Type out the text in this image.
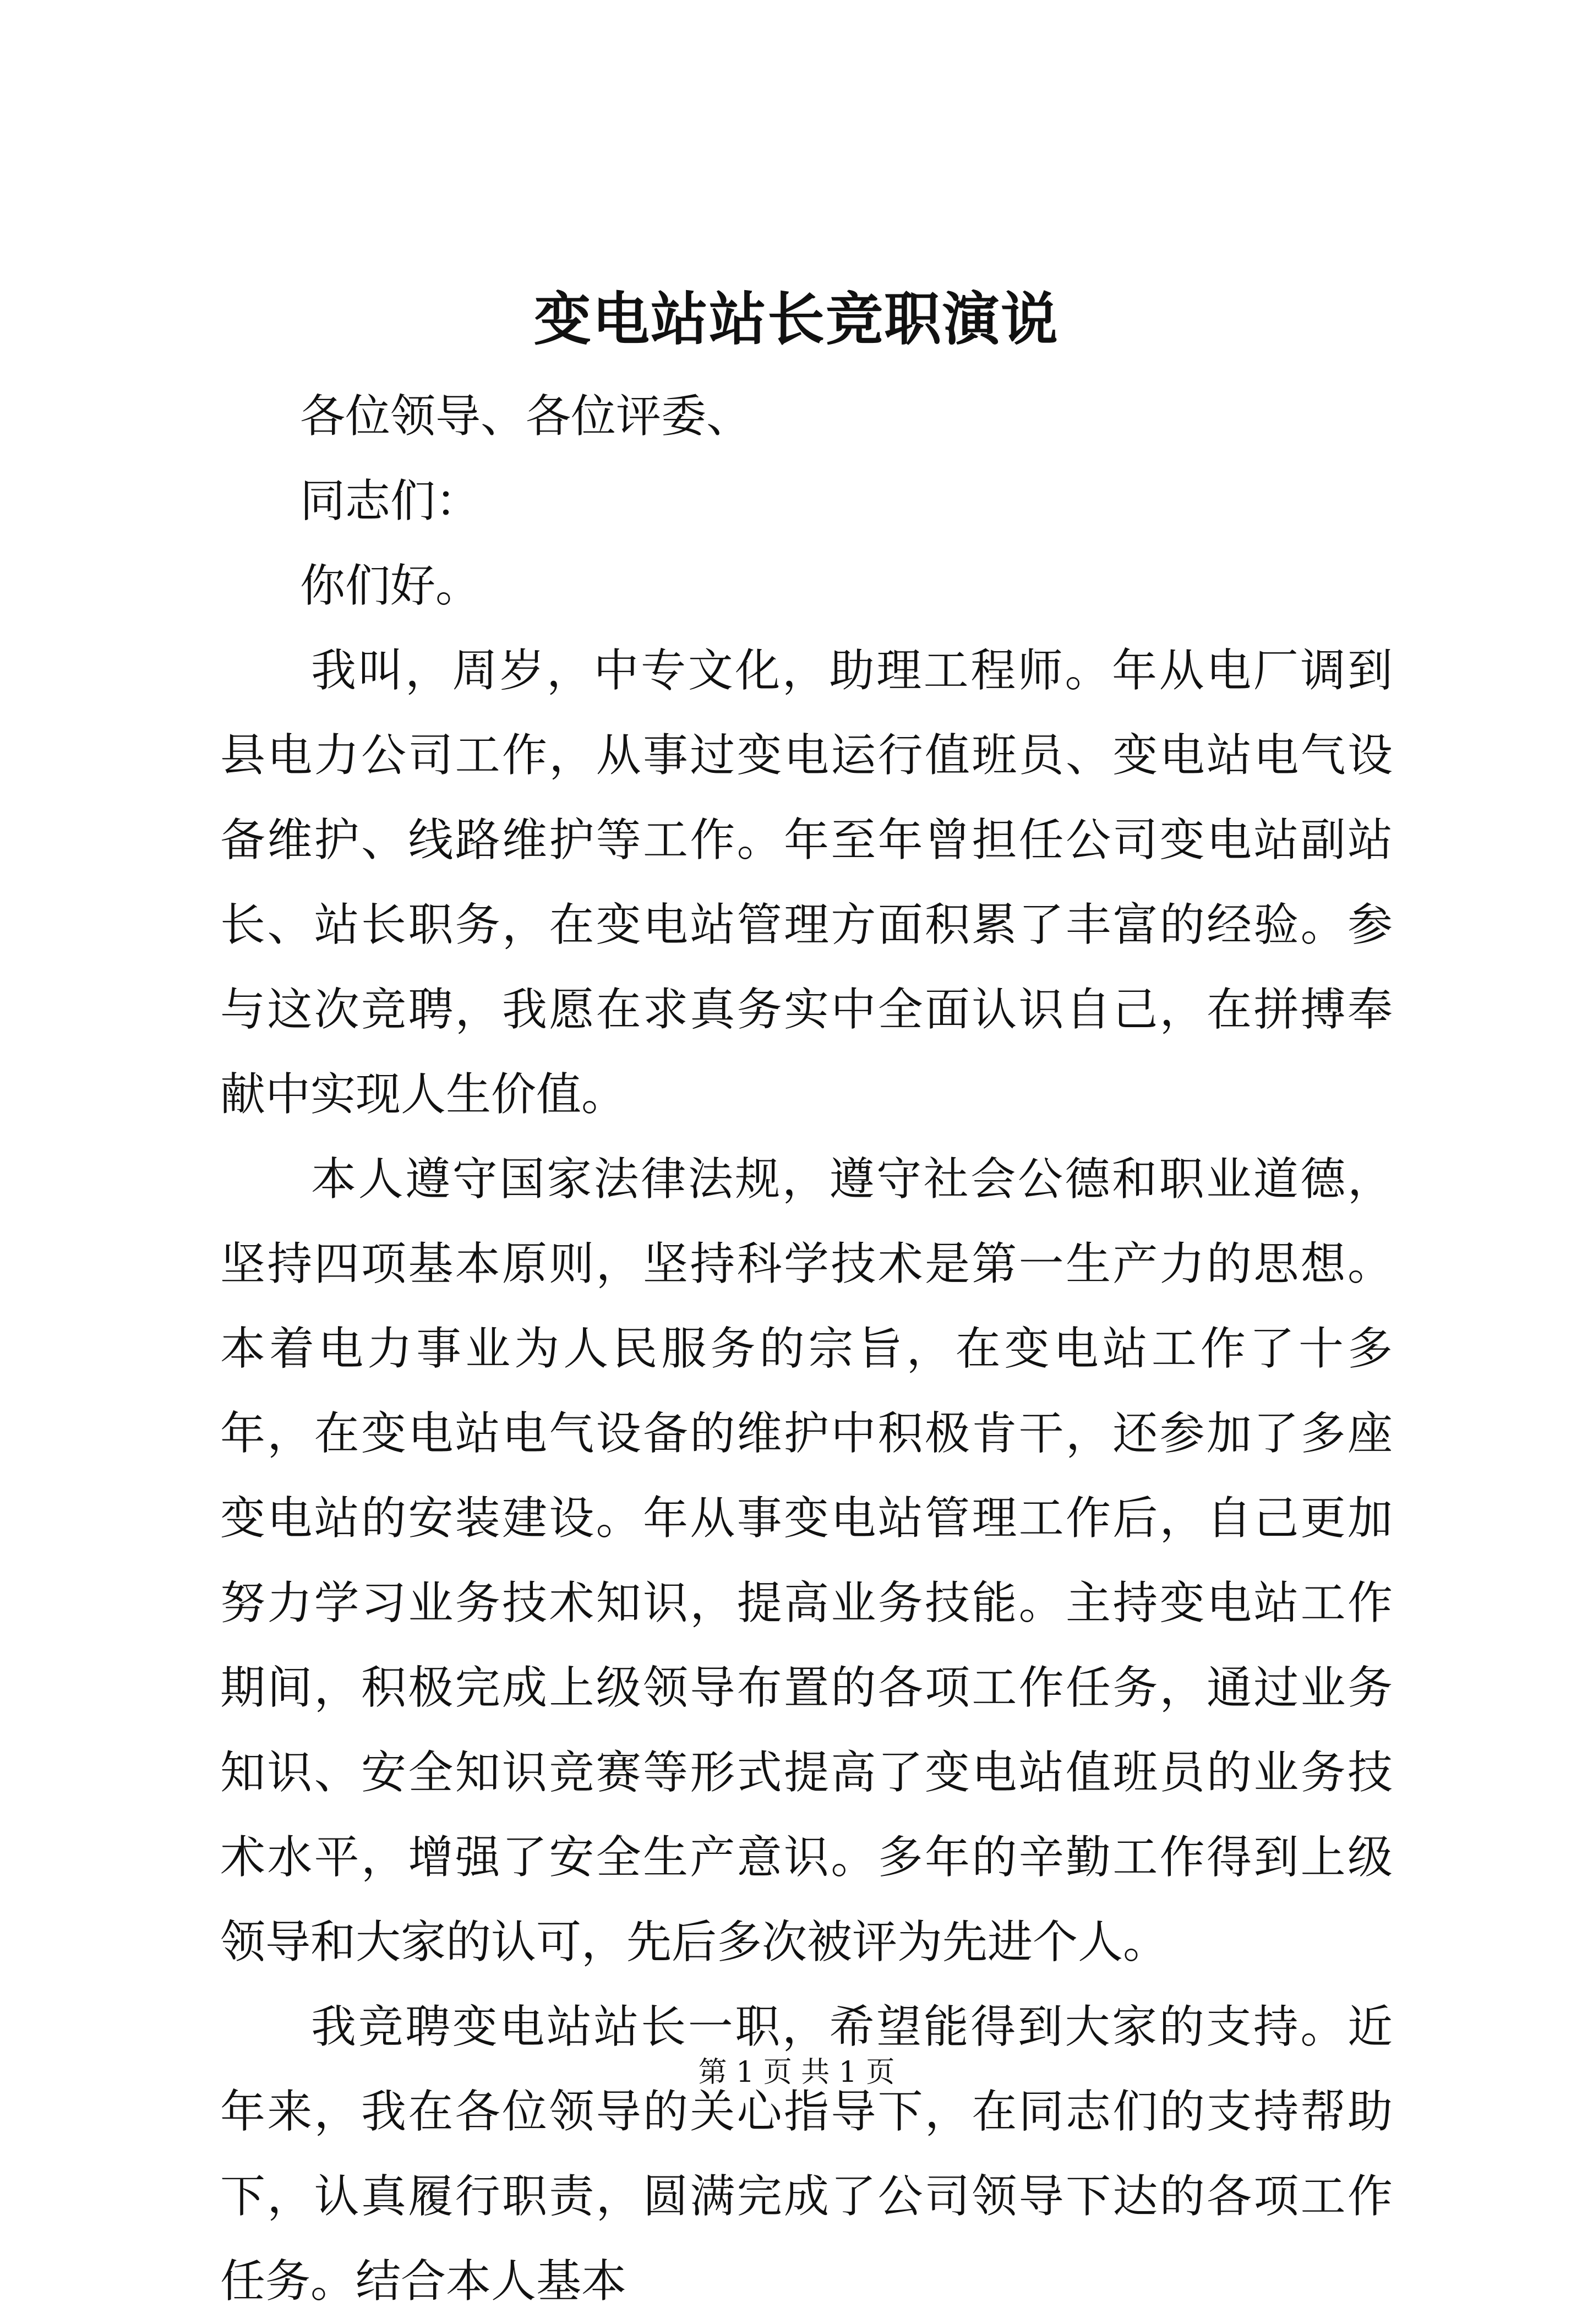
变电站站长竞职演说

各位领导、各位评委、

同志们：

你们好。

我叫，周岁，中专文化，助理工程师。年从电厂调到县电力公司工作，从事过变电运行值班员、变电站电气设备维护、线路维护等工作。年至年曾担任公司变电站副站长、站长职务，在变电站管理方面积累了丰富的经验。参与这次竞聘，我愿在求真务实中全面认识自己，在拼搏奉献中实现人生价值。

本人遵守国家法律法规，遵守社会公德和职业道德，坚持四项基本原则，坚持科学技术是第一生产力的思想。本着电力事业为人民服务的宗旨，在变电站工作了十多年，在变电站电气设备的维护中积极肯干，还参加了多座变电站的安装建设。年从事变电站管理工作后，自己更加努力学习业务技术知识，提高业务技能。主持变电站工作期间，积极完成上级领导布置的各项工作任务，通过业务知识、安全知识竞赛等形式提高了变电站值班员的业务技术水平，增强了安全生产意识。多年的辛勤工作得到上级领导和大家的认可，先后多次被评为先进个人。

我竞聘变电站站长一职，希望能得到大家的支持。近年来，我在各位领导的关心指导下，在同志们的支持帮助下，认真履行职责，圆满完成了公司领导下达的各项工作任务。结合本人基本

第 1 页 共 1 页
